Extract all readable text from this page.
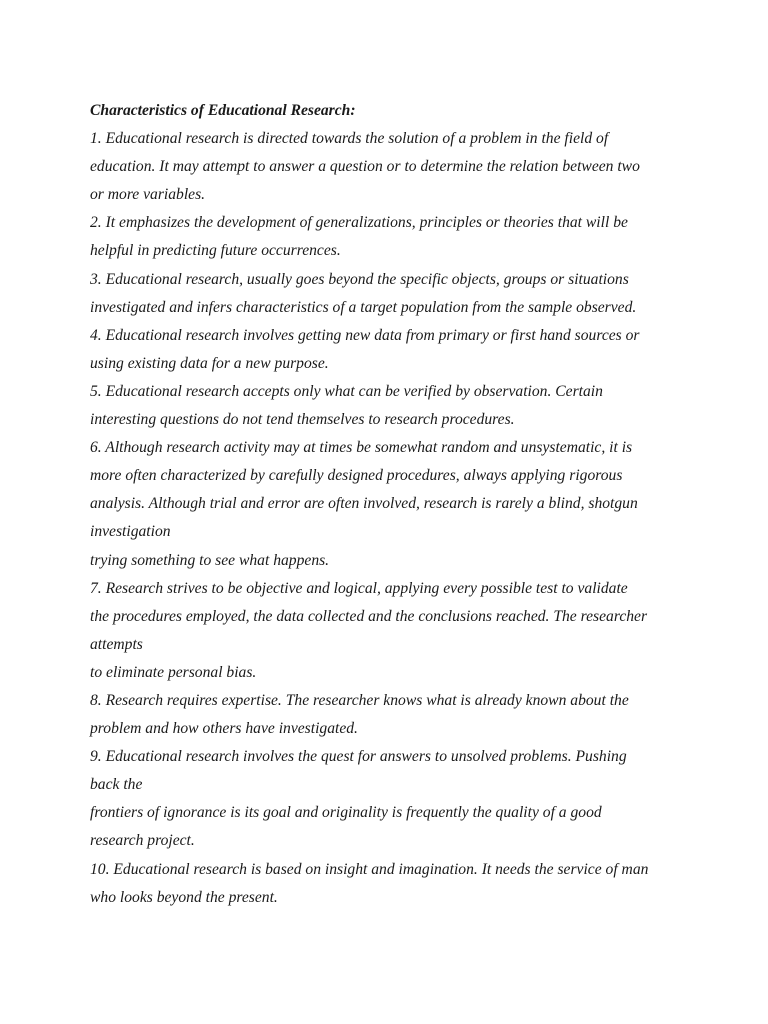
Characteristics of Educational Research:
1. Educational research is directed towards the solution of a problem in the field of
education. It may attempt to answer a question or to determine the relation between two
or more variables.
2. It emphasizes the development of generalizations, principles or theories that will be
helpful in predicting future occurrences.
3. Educational research, usually goes beyond the specific objects, groups or situations
investigated and infers characteristics of a target population from the sample observed.
4. Educational research involves getting new data from primary or first hand sources or
using existing data for a new purpose.
5. Educational research accepts only what can be verified by observation. Certain
interesting questions do not tend themselves to research procedures.
6. Although research activity may at times be somewhat random and unsystematic, it is
more often characterized by carefully designed procedures, always applying rigorous
analysis. Although trial and error are often involved, research is rarely a blind, shotgun
investigation
trying something to see what happens.
7. Research strives to be objective and logical, applying every possible test to validate
the procedures employed, the data collected and the conclusions reached. The researcher
attempts
to eliminate personal bias.
8. Research requires expertise. The researcher knows what is already known about the
problem and how others have investigated.
9. Educational research involves the quest for answers to unsolved problems. Pushing
back the
frontiers of ignorance is its goal and originality is frequently the quality of a good
research project.
10. Educational research is based on insight and imagination. It needs the service of man
who looks beyond the present.
